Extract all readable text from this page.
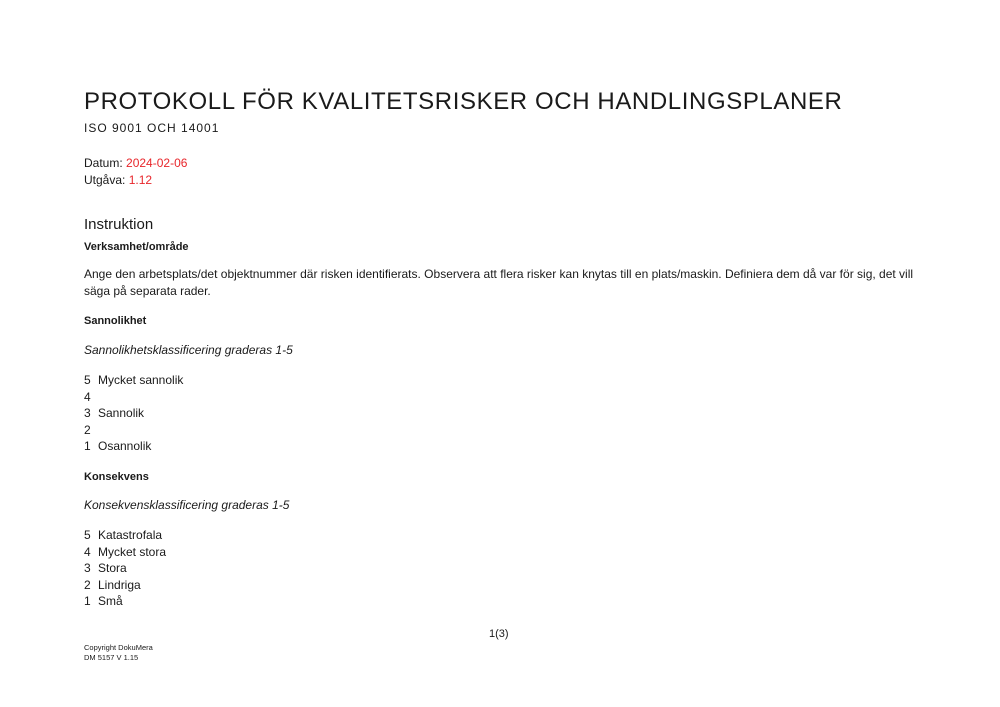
PROTOKOLL FÖR KVALITETSRISKER OCH HANDLINGSPLANER
ISO 9001 OCH 14001
Datum: 2024-02-06
Utgåva: 1.12
Instruktion
Verksamhet/område
Ange den arbetsplats/det objektnummer där risken identifierats. Observera att flera risker kan knytas till en plats/maskin. Definiera dem då var för sig, det vill säga på separata rader.
Sannolikhet
Sannolikhetsklassificering graderas 1-5
5 Mycket sannolik
4
3 Sannolik
2
1 Osannolik
Konsekvens
Konsekvensklassificering graderas 1-5
5 Katastrofala
4 Mycket stora
3 Stora
2 Lindriga
1 Små
1(3)
Copyright DokuMera
DM 5157 V 1.15
